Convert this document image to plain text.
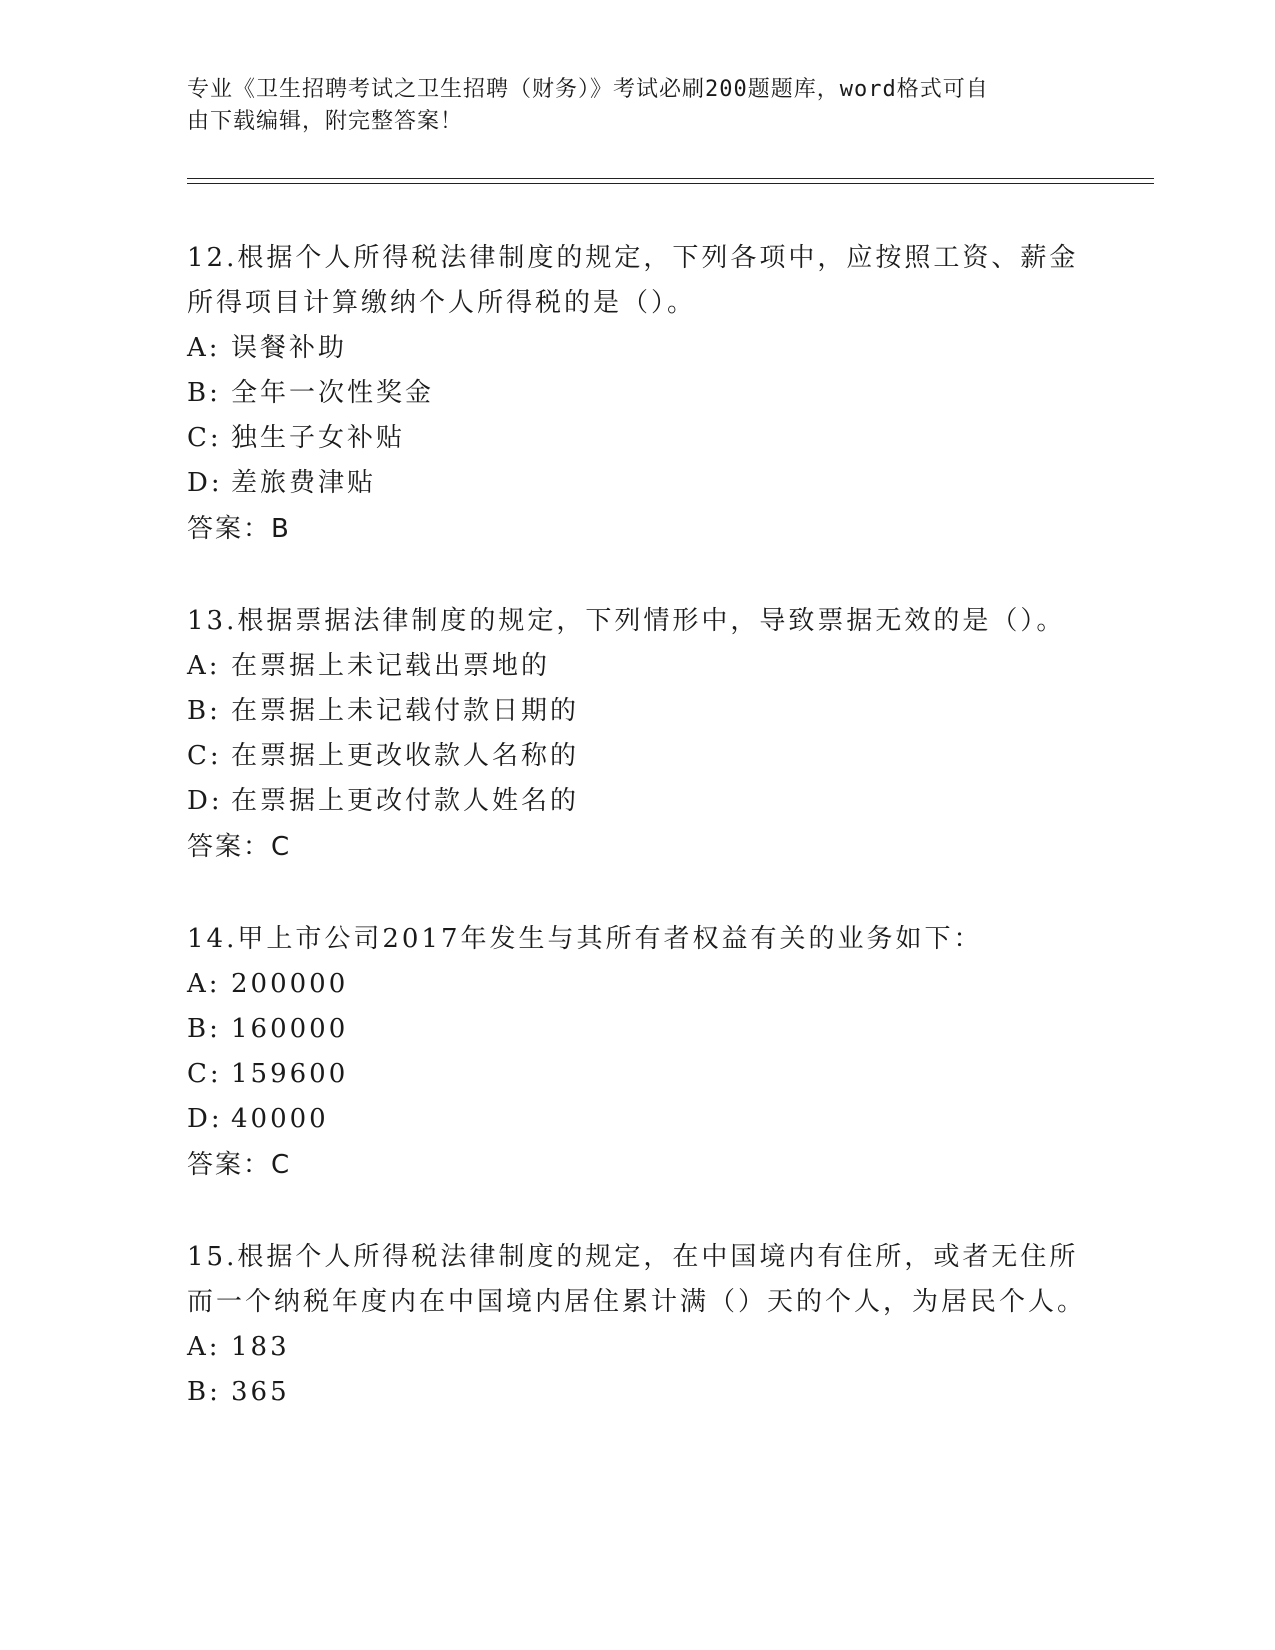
专业《卫生招聘考试之卫生招聘（财务）》考试必刷200题题库，word格式可自
由下载编辑，附完整答案！

12.根据个人所得税法律制度的规定，下列各项中，应按照工资、薪金所得项目计算缴纳个人所得税的是（）。

A: 误餐补助

B: 全年一次性奖金

C: 独生子女补贴

D: 差旅费津贴

答案：B

13.根据票据法律制度的规定，下列情形中，导致票据无效的是（）。

A: 在票据上未记载出票地的

B: 在票据上未记载付款日期的

C: 在票据上更改收款人名称的

D: 在票据上更改付款人姓名的

答案：C

14.甲上市公司2017年发生与其所有者权益有关的业务如下：

A: 200000

B: 160000

C: 159600

D: 40000

答案：C

15.根据个人所得税法律制度的规定，在中国境内有住所，或者无住所而一个纳税年度内在中国境内居住累计满（）天的个人，为居民个人。

A: 183

B: 365
